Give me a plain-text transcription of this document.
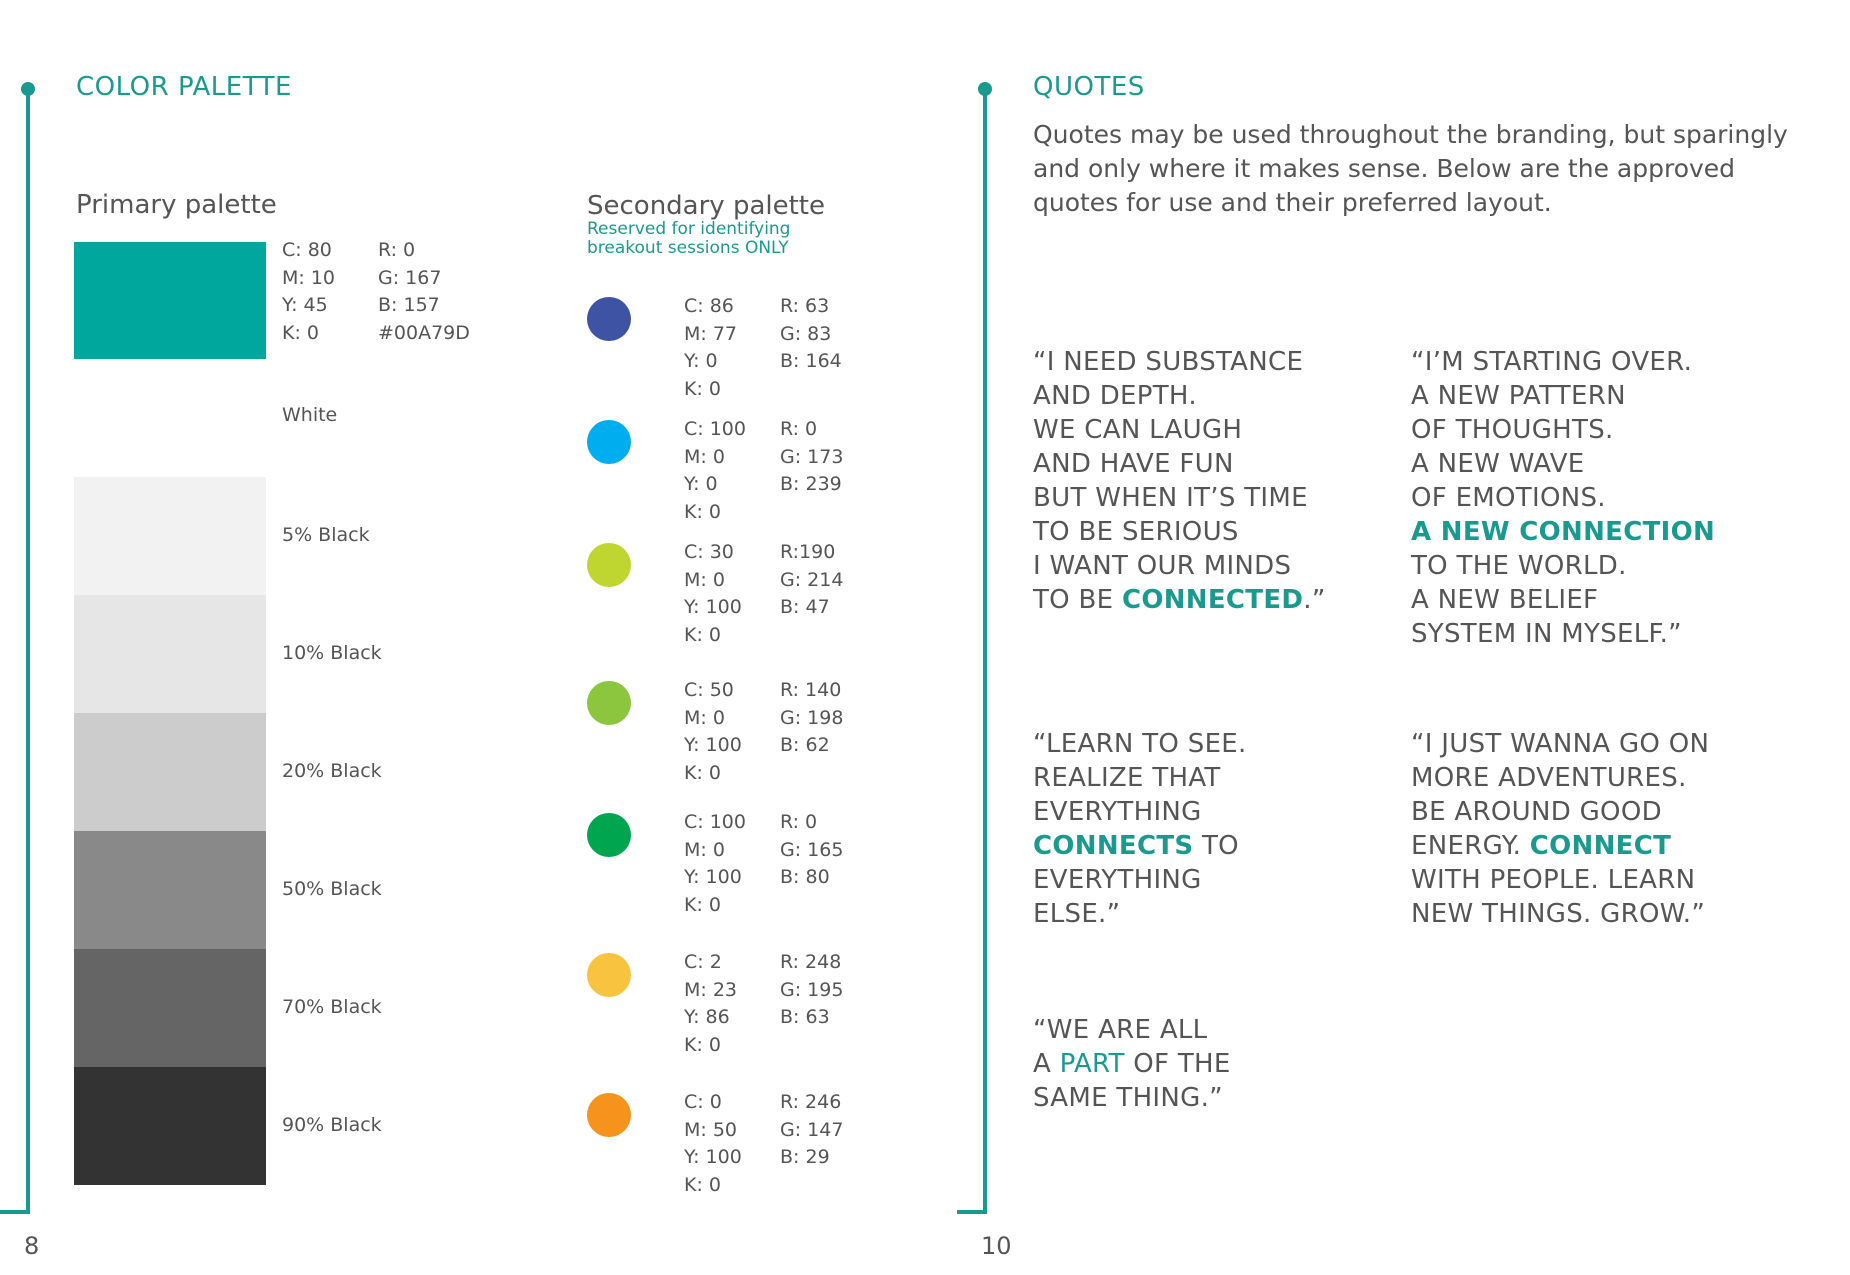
COLOR PALETTE
Primary palette
C: 80
M: 10
Y: 45
K: 0
R: 0
G: 167
B: 157
#00A79D
White
5% Black
10% Black
20% Black
50% Black
70% Black
90% Black
Secondary palette
Reserved for identifying
breakout sessions ONLY
C: 86
M: 77
Y: 0
K: 0
R: 63
G: 83
B: 164
C: 100
M: 0
Y: 0
K: 0
R: 0
G: 173
B: 239
C: 30
M: 0
Y: 100
K: 0
R:190
G: 214
B: 47
C: 50
M: 0
Y: 100
K: 0
R: 140
G: 198
B: 62
C: 100
M: 0
Y: 100
K: 0
R: 0
G: 165
B: 80
C: 2
M: 23
Y: 86
K: 0
R: 248
G: 195
B: 63
C: 0
M: 50
Y: 100
K: 0
R: 246
G: 147
B: 29
8
QUOTES
Quotes may be used throughout the branding, but sparingly and only where it makes sense. Below are the approved quotes for use and their preferred layout.
“I NEED SUBSTANCE
AND DEPTH.
WE CAN LAUGH
AND HAVE FUN
BUT WHEN IT’S TIME
TO BE SERIOUS
I WANT OUR MINDS
TO BE CONNECTED.”
“I’M STARTING OVER.
A NEW PATTERN
OF THOUGHTS.
A NEW WAVE
OF EMOTIONS.
A NEW CONNECTION
TO THE WORLD.
A NEW BELIEF
SYSTEM IN MYSELF.”
“LEARN TO SEE.
REALIZE THAT
EVERYTHING
CONNECTS TO
EVERYTHING
ELSE.”
“I JUST WANNA GO ON
MORE ADVENTURES.
BE AROUND GOOD
ENERGY. CONNECT
WITH PEOPLE. LEARN
NEW THINGS. GROW.”
“WE ARE ALL
A PART OF THE
SAME THING.”
10
